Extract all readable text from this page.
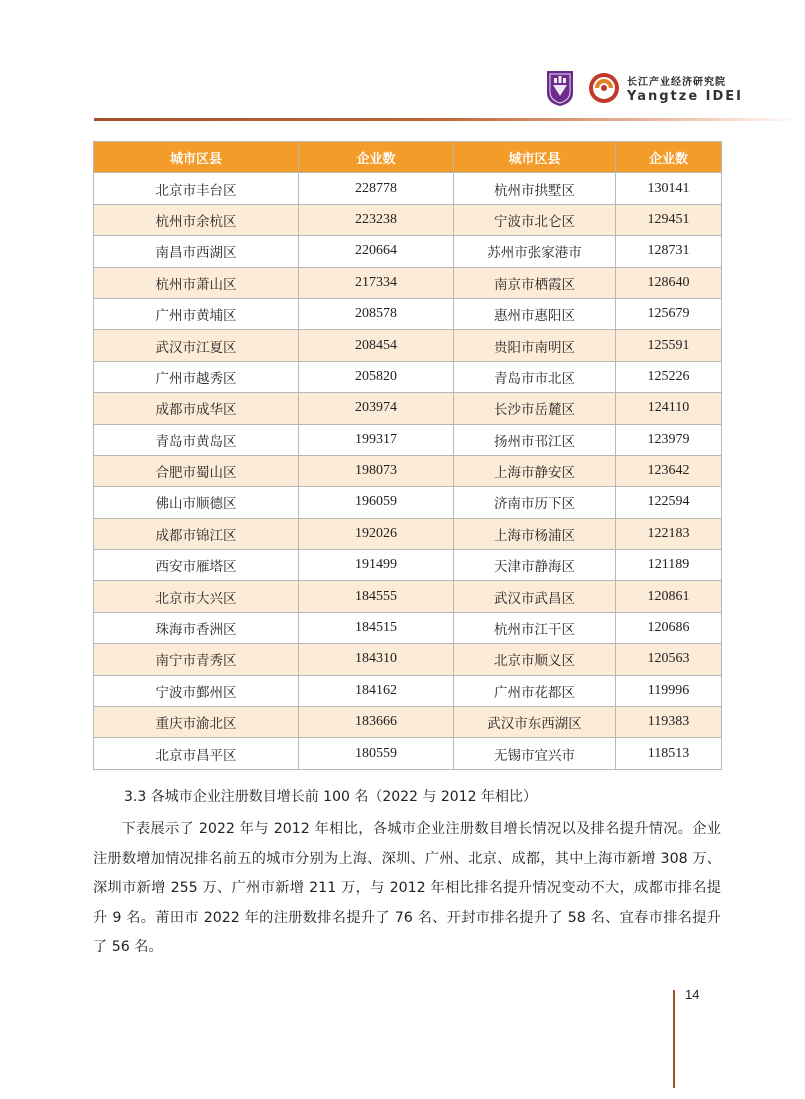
长江产业经济研究院
Yangtze IDEI
城市区县	企业数	城市区县	企业数
北京市丰台区	228778	杭州市拱墅区	130141
杭州市余杭区	223238	宁波市北仑区	129451
南昌市西湖区	220664	苏州市张家港市	128731
杭州市萧山区	217334	南京市栖霞区	128640
广州市黄埔区	208578	惠州市惠阳区	125679
武汉市江夏区	208454	贵阳市南明区	125591
广州市越秀区	205820	青岛市市北区	125226
成都市成华区	203974	长沙市岳麓区	124110
青岛市黄岛区	199317	扬州市邗江区	123979
合肥市蜀山区	198073	上海市静安区	123642
佛山市顺德区	196059	济南市历下区	122594
成都市锦江区	192026	上海市杨浦区	122183
西安市雁塔区	191499	天津市静海区	121189
北京市大兴区	184555	武汉市武昌区	120861
珠海市香洲区	184515	杭州市江干区	120686
南宁市青秀区	184310	北京市顺义区	120563
宁波市鄞州区	184162	广州市花都区	119996
重庆市渝北区	183666	武汉市东西湖区	119383
北京市昌平区	180559	无锡市宜兴市	118513
3.3 各城市企业注册数目增长前 100 名（2022 与 2012 年相比）

下表展示了 2022 年与 2012 年相比，各城市企业注册数目增长情况以及排名提升情况。企业注册数增加情况排名前五的城市分别为上海、深圳、广州、北京、成都，其中上海市新增 308 万、深圳市新增 255 万、广州市新增 211 万，与 2012 年相比排名提升情况变动不大，成都市排名提升 9 名。莆田市 2022 年的注册数排名提升了 76 名、开封市排名提升了 58 名、宜春市排名提升了 56 名。

14
